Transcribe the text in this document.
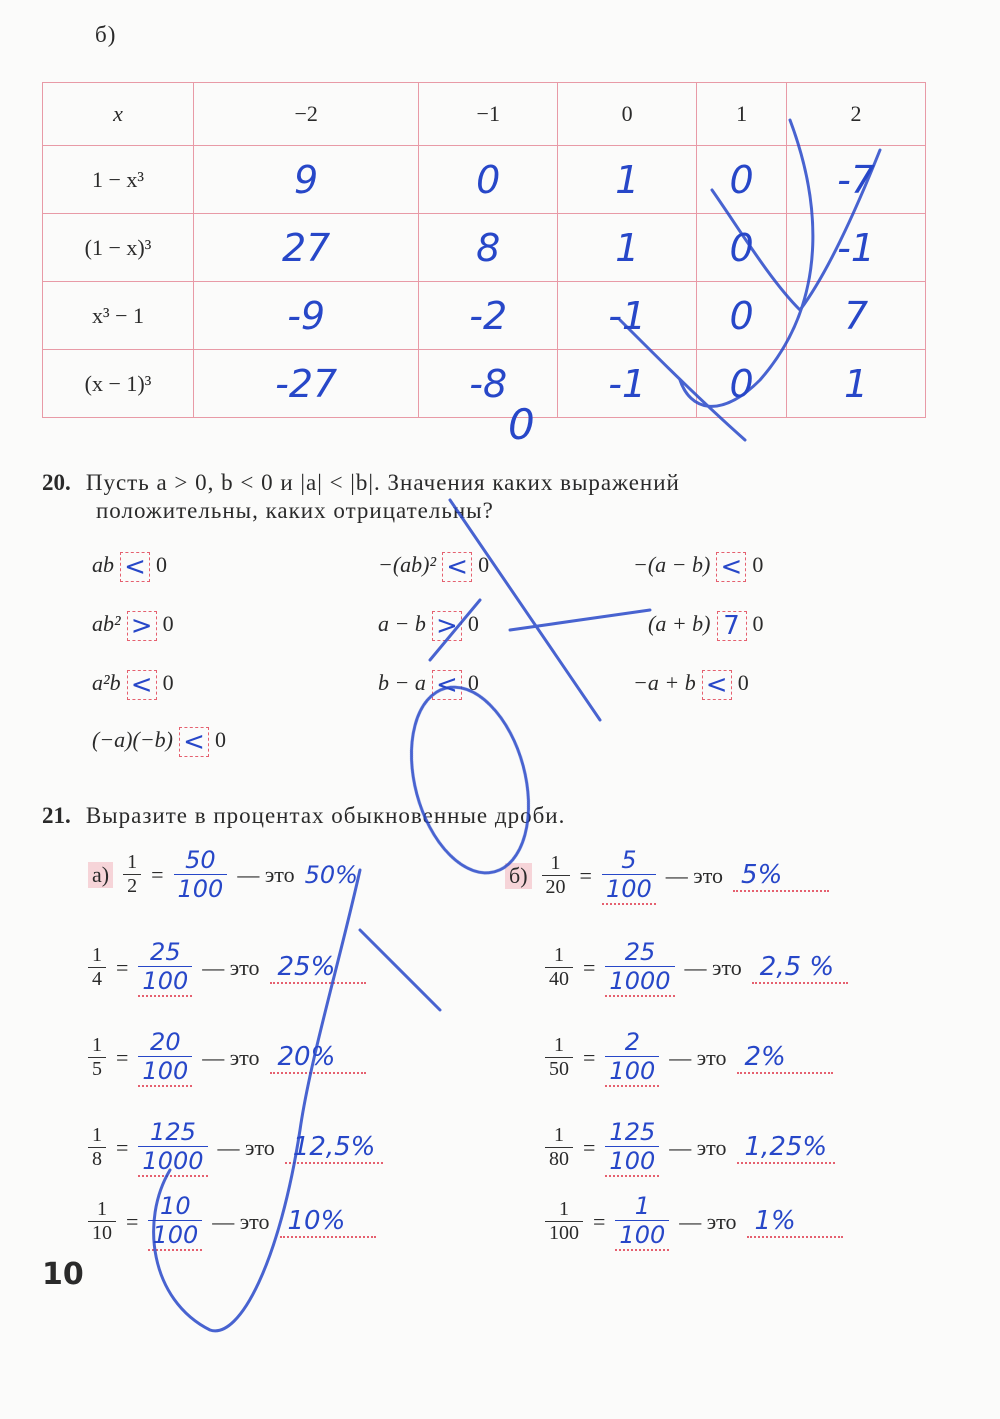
б)
x	−2	−1	0	1	2
1 − x³	9	0	1	0	-7
(1 − x)³	27	8	1	0	-1
x³ − 1	-9	-2	-1	0	7
(x − 1)³	-27	-8	-1	0	1
0
20. Пусть a > 0, b < 0 и |a| < |b|. Значения каких выражений
положительны, каких отрицательны?
ab < 0	−(ab)² < 0	−(a − b) < 0
ab² > 0	a − b > 0	(a + b) 7 0
a²b < 0	b − a < 0	−a + b < 0
(−a)(−b) < 0
21. Выразите в процентах обыкновенные дроби.
$а) \frac{1}{2} = \frac{50}{100}$ — это 50%
$\frac{1}{4} = \frac{25}{100}$ — это 25%
$\frac{1}{5} = \frac{20}{100}$ — это 20%
$\frac{1}{8} = \frac{125}{1000}$ — это 12,5%
$\frac{1}{10} = \frac{10}{100}$ — это 10%
$б) \frac{1}{20} = \frac{5}{100}$ — это 5%
$\frac{1}{40} = \frac{25}{1000}$ — это 2,5 %
$\frac{1}{50} = \frac{2}{100}$ — это 2%
$\frac{1}{80} = \frac{125}{100}$ — это 1,25%
$\frac{1}{100} = \frac{1}{100}$ — это 1%
10
